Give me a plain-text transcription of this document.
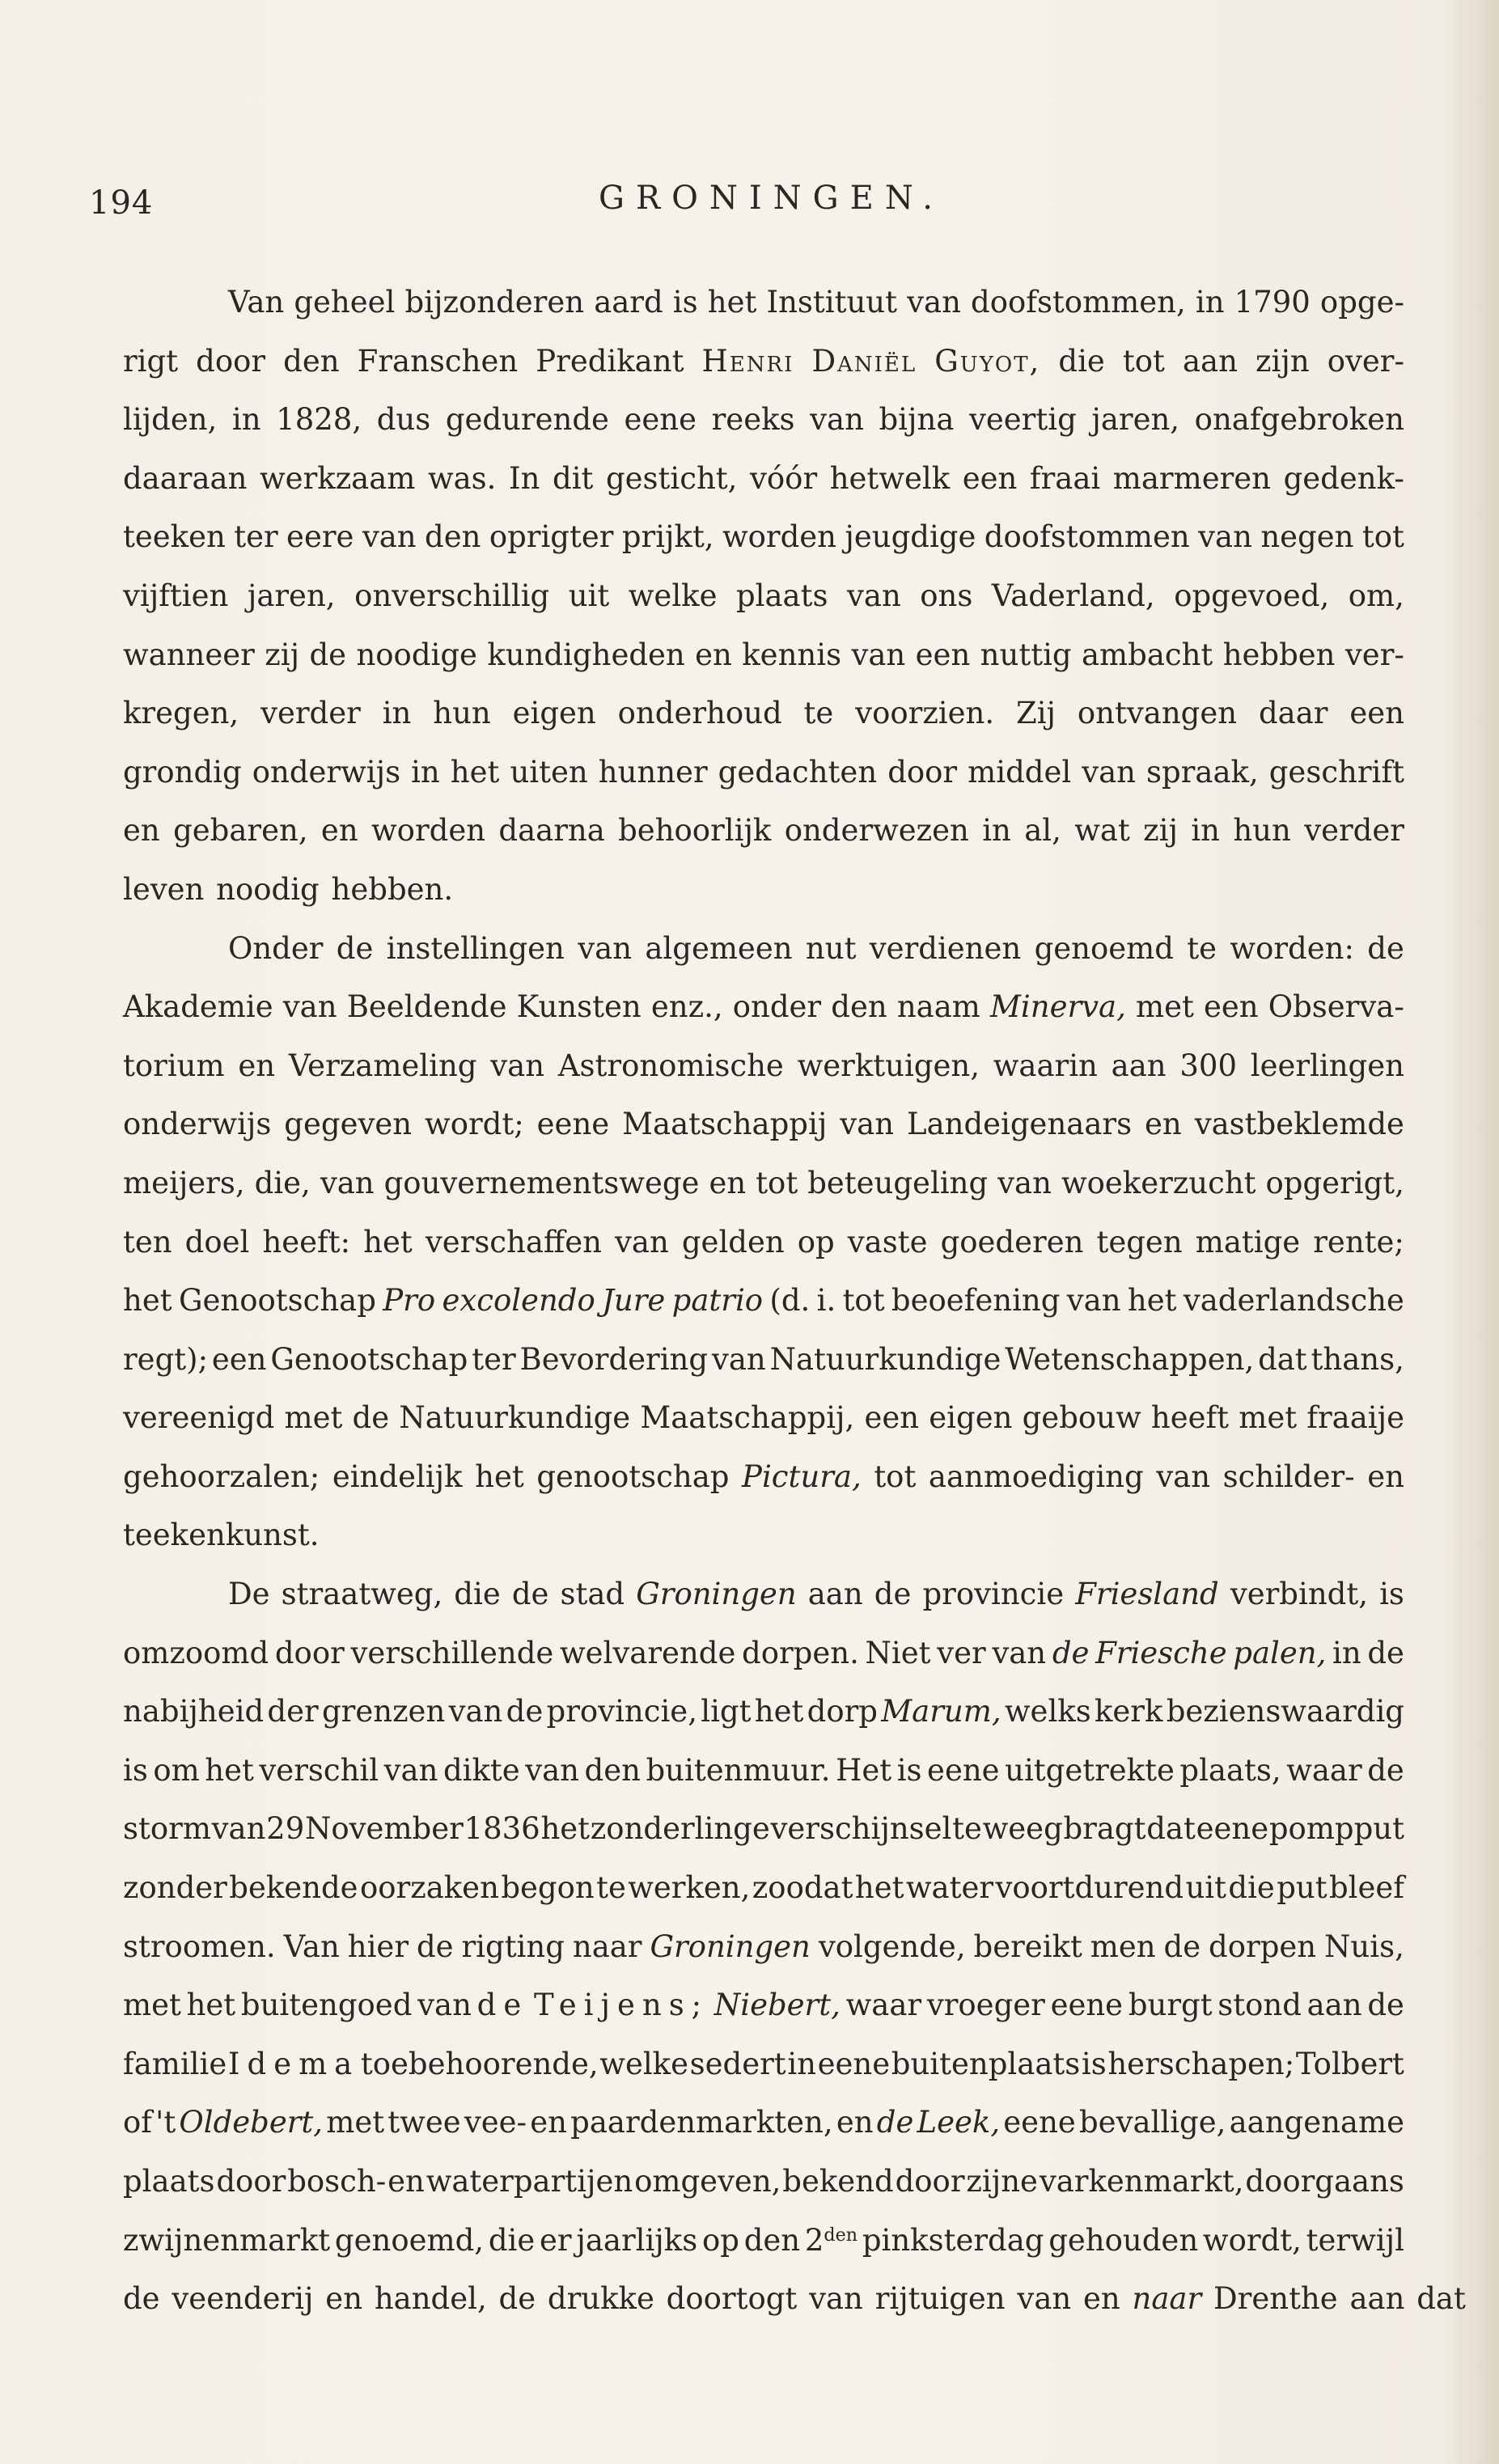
194	GRONINGEN.
Van geheel bijzonderen aard is het Instituut van doofstommen, in 1790 opge-
rigt door den Franschen Predikant Henri Daniël Guyot, die tot aan zijn over-
lijden, in 1828, dus gedurende eene reeks van bijna veertig jaren, onafgebroken
daaraan werkzaam was. In dit gesticht, vóór hetwelk een fraai marmeren gedenk-
teeken ter eere van den oprigter prijkt, worden jeugdige doofstommen van negen tot
vijftien jaren, onverschillig uit welke plaats van ons Vaderland, opgevoed, om,
wanneer zij de noodige kundigheden en kennis van een nuttig ambacht hebben ver-
kregen, verder in hun eigen onderhoud te voorzien. Zij ontvangen daar een
grondig onderwijs in het uiten hunner gedachten door middel van spraak, geschrift
en gebaren, en worden daarna behoorlijk onderwezen in al, wat zij in hun verder
leven noodig hebben.
Onder de instellingen van algemeen nut verdienen genoemd te worden: de
Akademie van Beeldende Kunsten enz., onder den naam Minerva, met een Observa-
torium en Verzameling van Astronomische werktuigen, waarin aan 300 leerlingen
onderwijs gegeven wordt; eene Maatschappij van Landeigenaars en vastbeklemde
meijers, die, van gouvernementswege en tot beteugeling van woekerzucht opgerigt,
ten doel heeft: het verschaffen van gelden op vaste goederen tegen matige rente;
het Genootschap Pro excolendo Jure patrio (d. i. tot beoefening van het vaderlandsche
regt); een Genootschap ter Bevordering van Natuurkundige Wetenschappen, dat thans,
vereenigd met de Natuurkundige Maatschappij, een eigen gebouw heeft met fraaije
gehoorzalen; eindelijk het genootschap Pictura, tot aanmoediging van schilder- en
teekenkunst.
De straatweg, die de stad Groningen aan de provincie Friesland verbindt, is
omzoomd door verschillende welvarende dorpen. Niet ver van de Friesche palen, in de
nabijheid der grenzen van de provincie, ligt het dorp Marum, welks kerk bezienswaardig
is om het verschil van dikte van den buitenmuur. Het is eene uitgetrekte plaats, waar de
storm van 29 November 1836 het zonderlinge verschijnsel te weeg bragt dat eene pompput
zonder bekende oorzaken begon te werken, zoodat het water voortdurend uit die put bleef
stroomen. Van hier de rigting naar Groningen volgende, bereikt men de dorpen Nuis,
met het buitengoed van de Teijens; Niebert, waar vroeger eene burgt stond aan de
familie Idema toebehoorende, welke sedert in eene buitenplaats is herschapen; Tolbert
of 't Oldebert, met twee vee- en paardenmarkten, en de Leek, eene bevallige, aangename
plaats door bosch- en waterpartijen omgeven, bekend door zijne varkenmarkt, doorgaans
zwijnenmarkt genoemd, die er jaarlijks op den $2^{den}$ pinksterdag gehouden wordt, terwijl
de veenderij en handel, de drukke doortogt van rijtuigen van en naar Drenthe aan dat
